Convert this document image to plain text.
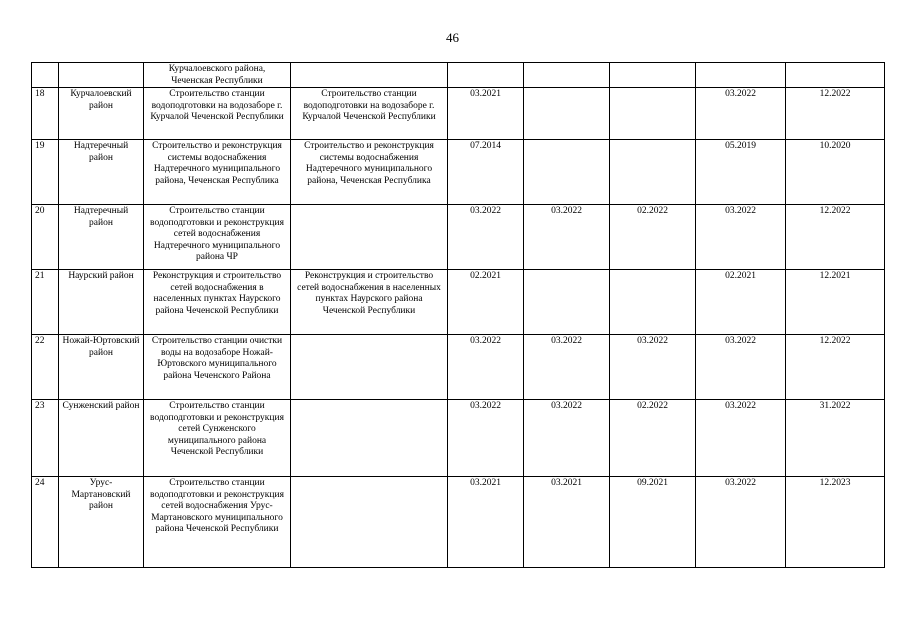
46
		Курчалоевского района, Чеченская Республики						
18	Курчалоевский район	Строительство станции водоподготовки на водозаборе г. Курчалой Чеченской Республики	Строительство станции водоподготовки на водозаборе г. Курчалой Чеченской Республики	03.2021			03.2022	12.2022
19	Надтеречный район	Строительство и реконструкция системы водоснабжения Надтеречного муниципального района, Чеченская Республика	Строительство и реконструкция системы водоснабжения Надтеречного муниципального района, Чеченская Республика	07.2014			05.2019	10.2020
20	Надтеречный район	Строительство станции водоподготовки и реконструкция сетей водоснабжения Надтеречного муниципального района ЧР		03.2022	03.2022	02.2022	03.2022	12.2022
21	Наурский район	Реконструкция и строительство сетей водоснабжения в населенных пунктах Наурского района Чеченской Республики	Реконструкция и строительство сетей водоснабжения в населенных пунктах Наурского района Чеченской Республики	02.2021			02.2021	12.2021
22	Ножай-Юртовский район	Строительство станции очистки воды на водозаборе Ножай-Юртовского муниципального района Чеченского Района		03.2022	03.2022	03.2022	03.2022	12.2022
23	Сунженский район	Строительство станции водоподготовки и реконструкция сетей Сунженского муниципального района Чеченской Республики		03.2022	03.2022	02.2022	03.2022	31.2022
24	Урус-Мартановский район	Строительство станции водоподготовки и реконструкция сетей водоснабжения Урус-Мартановского муниципального района Чеченской Республики		03.2021	03.2021	09.2021	03.2022	12.2023
